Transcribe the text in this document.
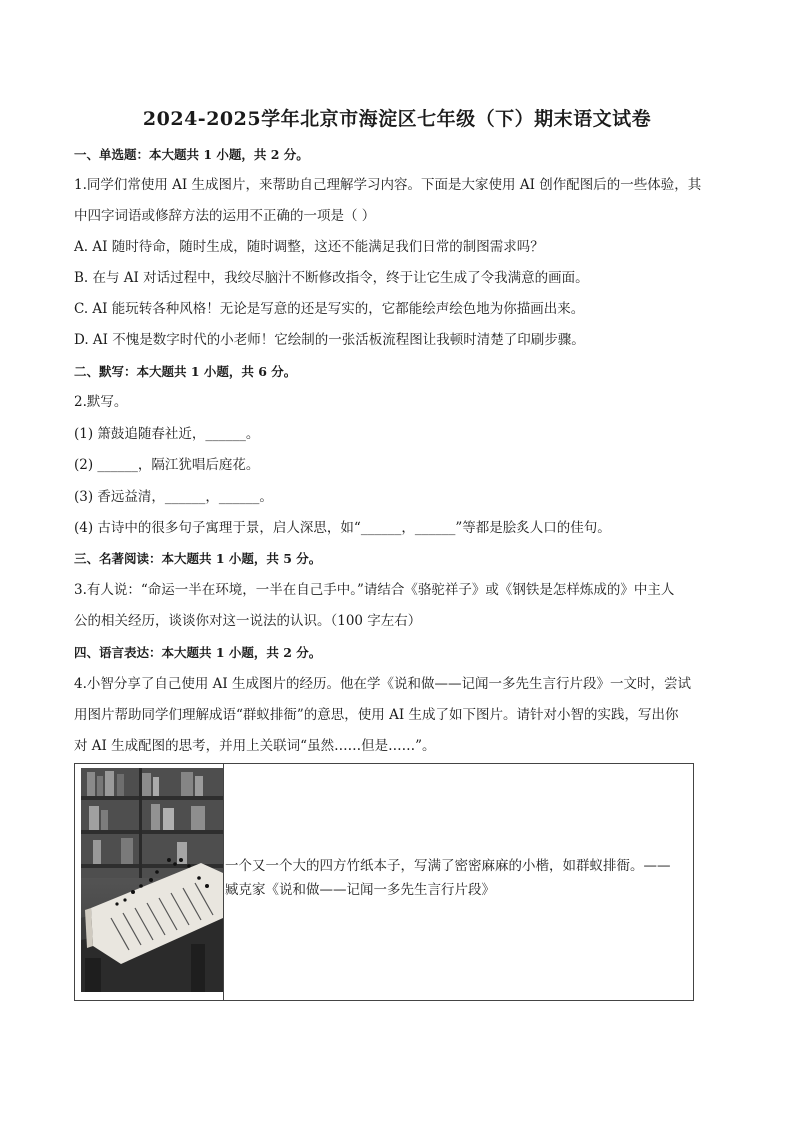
2024-2025学年北京市海淀区七年级（下）期末语文试卷
一、单选题：本大题共 1 小题，共 2 分。
1.同学们常使用 AI 生成图片，来帮助自己理解学习内容。下面是大家使用 AI 创作配图后的一些体验，其
中四字词语或修辞方法的运用不正确的一项是（ ）
A. AI 随时待命，随时生成，随时调整，这还不能满足我们日常的制图需求吗？
B. 在与 AI 对话过程中，我绞尽脑汁不断修改指令，终于让它生成了令我满意的画面。
C. AI 能玩转各种风格！无论是写意的还是写实的，它都能绘声绘色地为你描画出来。
D. AI 不愧是数字时代的小老师！它绘制的一张活板流程图让我顿时清楚了印刷步骤。
二、默写：本大题共 1 小题，共 6 分。
2.默写。
(1) 箫鼓追随春社近，______。
(2) ______，隔江犹唱后庭花。
(3) 香远益清，______，______。
(4) 古诗中的很多句子寓理于景，启人深思，如“______，______”等都是脍炙人口的佳句。
三、名著阅读：本大题共 1 小题，共 5 分。
3.有人说：“命运一半在环境，一半在自己手中。”请结合《骆驼祥子》或《钢铁是怎样炼成的》中主人
公的相关经历，谈谈你对这一说法的认识。（100 字左右）
四、语言表达：本大题共 1 小题，共 2 分。
4.小智分享了自己使用 AI 生成图片的经历。他在学《说和做——记闻一多先生言行片段》一文时，尝试
用图片帮助同学们理解成语“群蚁排衙”的意思，使用 AI 生成了如下图片。请针对小智的实践，写出你
对 AI 生成配图的思考，并用上关联词“虽然……但是……”。
一个又一个大的四方竹纸本子，写满了密密麻麻的小楷，如群蚁排衙。——
臧克家《说和做——记闻一多先生言行片段》
